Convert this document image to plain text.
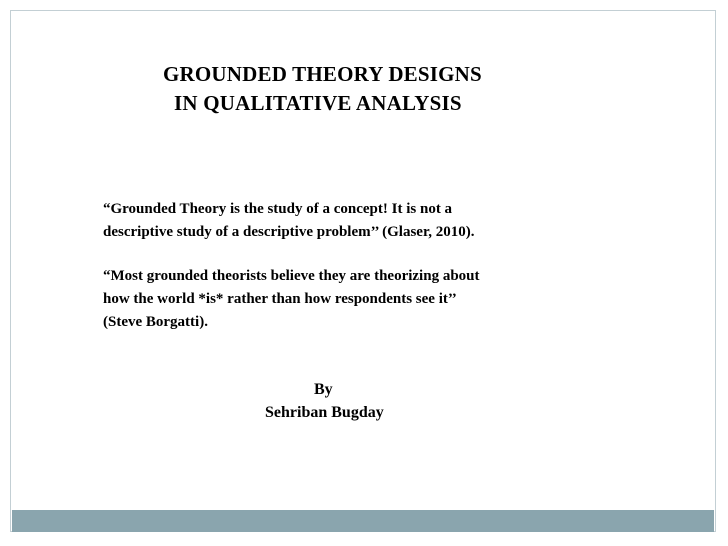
GROUNDED THEORY DESIGNS
IN QUALITATIVE ANALYSIS
“Grounded Theory is the study of a concept! It is not a
descriptive study of a descriptive problem’’ (Glaser, 2010).
“Most grounded theorists believe they are theorizing about
how the world *is* rather than how respondents see it’’
(Steve Borgatti).
By
Sehriban Bugday
